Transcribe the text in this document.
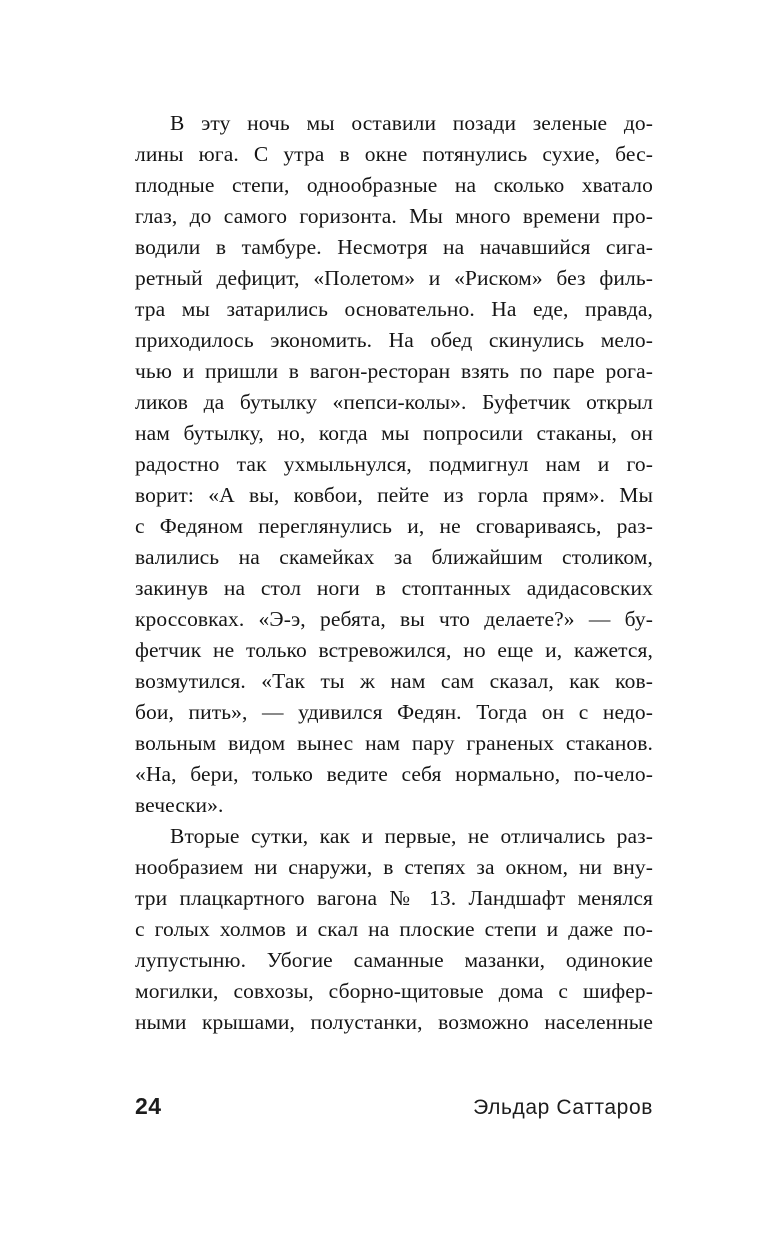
В эту ночь мы оставили позади зеленые до-
лины юга. С утра в окне потянулись сухие, бес-
плодные степи, однообразные на сколько хватало
глаз, до самого горизонта. Мы много времени про-
водили в тамбуре. Несмотря на начавшийся сига-
ретный дефицит, «Полетом» и «Риском» без филь-
тра мы затарились основательно. На еде, правда,
приходилось экономить. На обед скинулись мело-
чью и пришли в вагон-ресторан взять по паре рога-
ликов да бутылку «пепси-колы». Буфетчик открыл
нам бутылку, но, когда мы попросили стаканы, он
радостно так ухмыльнулся, подмигнул нам и го-
ворит: «А вы, ковбои, пейте из горла прям». Мы
с Федяном переглянулись и, не сговариваясь, раз-
валились на скамейках за ближайшим столиком,
закинув на стол ноги в стоптанных адидасовских
кроссовках. «Э-э, ребята, вы что делаете?» — бу-
фетчик не только встревожился, но еще и, кажется,
возмутился. «Так ты ж нам сам сказал, как ков-
бои, пить», — удивился Федян. Тогда он с недо-
вольным видом вынес нам пару граненых стаканов.
«На, бери, только ведите себя нормально, по-чело-
вечески».
Вторые сутки, как и первые, не отличались раз-
нообразием ни снаружи, в степях за окном, ни вну-
три плацкартного вагона № 13. Ландшафт менялся
с голых холмов и скал на плоские степи и даже по-
лупустыню. Убогие саманные мазанки, одинокие
могилки, совхозы, сборно-щитовые дома с шифер-
ными крышами, полустанки, возможно населенные
24	Эльдар Саттаров
